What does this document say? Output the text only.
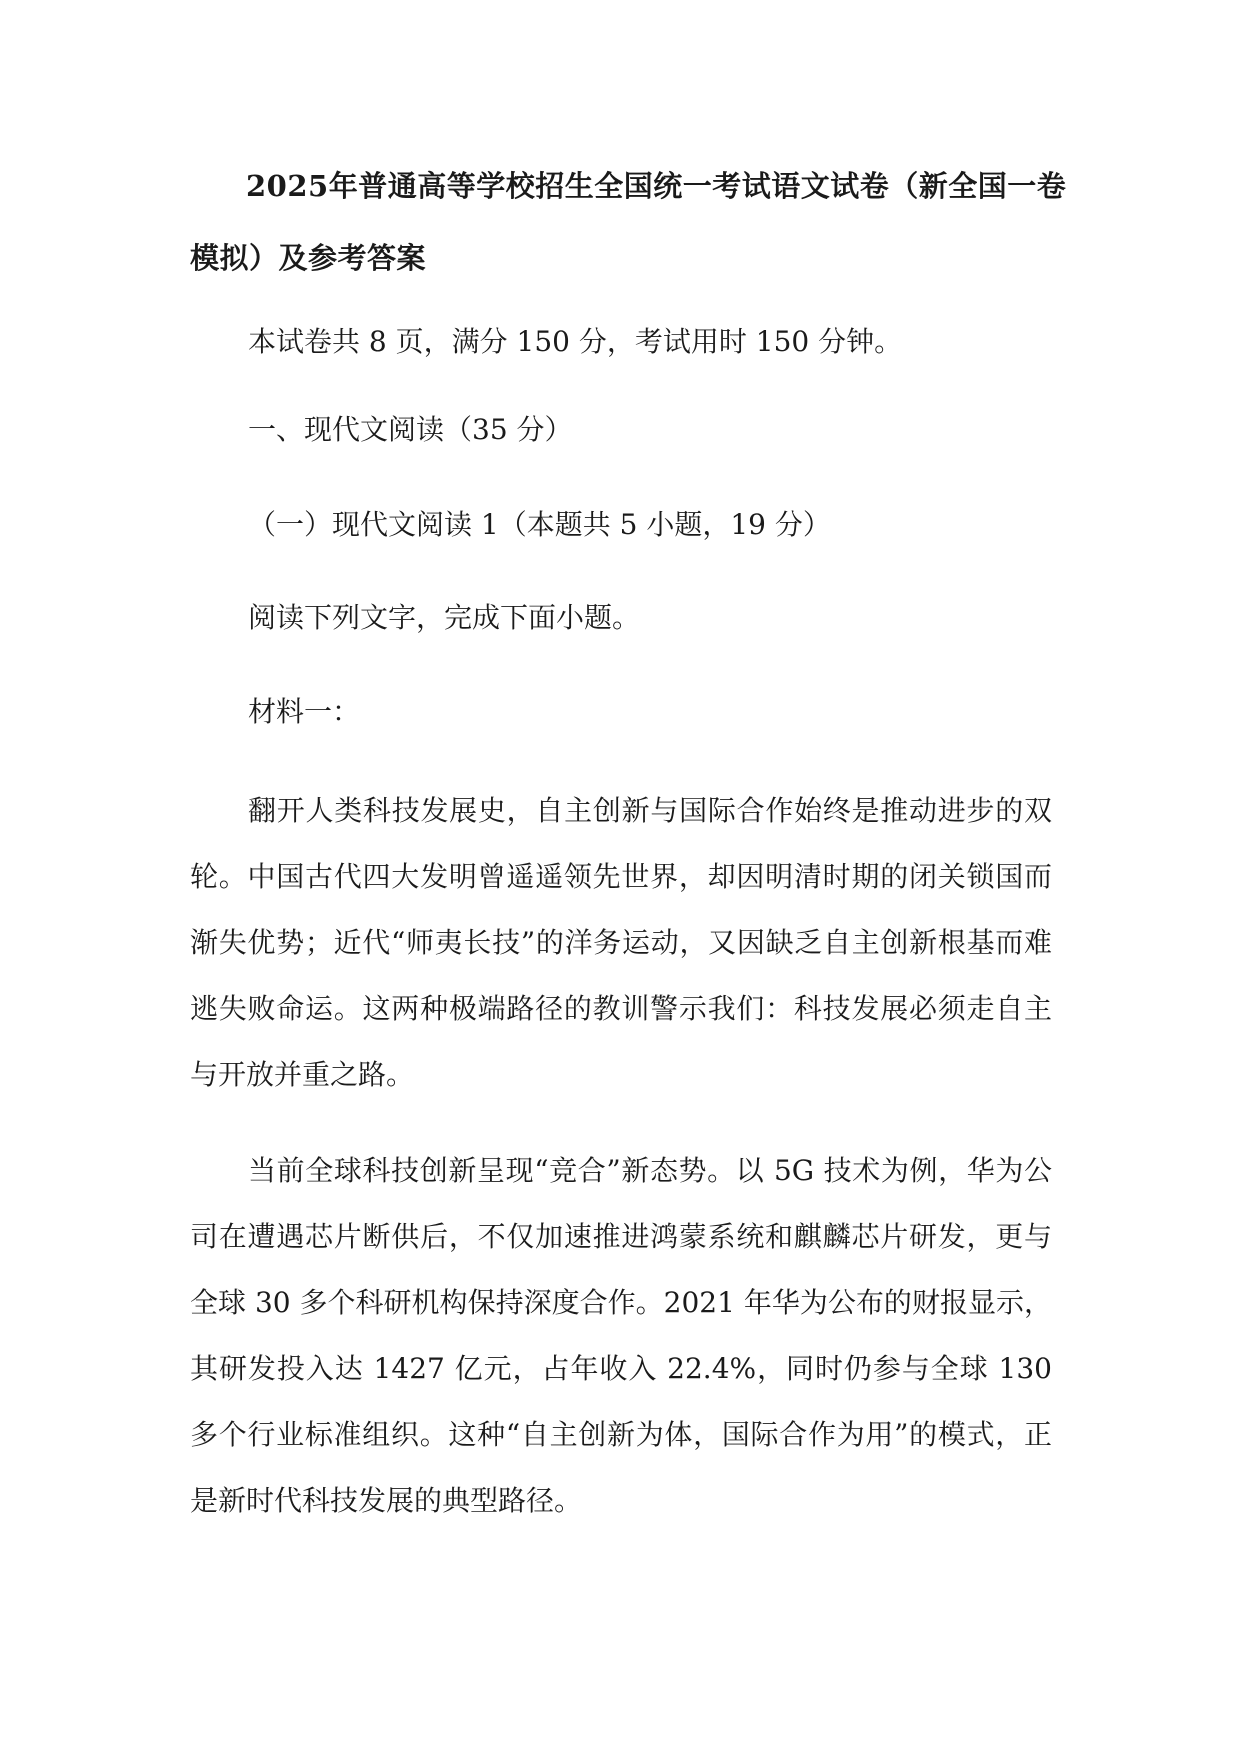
2025年普通高等学校招生全国统一考试语文试卷（新全国一卷模拟）及参考答案

本试卷共 8 页，满分 150 分，考试用时 150 分钟。

一、现代文阅读（35 分）

（一）现代文阅读 1（本题共 5 小题，19 分）

阅读下列文字，完成下面小题。

材料一：

翻开人类科技发展史，自主创新与国际合作始终是推动进步的双轮。中国古代四大发明曾遥遥领先世界，却因明清时期的闭关锁国而渐失优势；近代“师夷长技”的洋务运动，又因缺乏自主创新根基而难逃失败命运。这两种极端路径的教训警示我们：科技发展必须走自主与开放并重之路。

当前全球科技创新呈现“竞合”新态势。以 5G 技术为例，华为公司在遭遇芯片断供后，不仅加速推进鸿蒙系统和麒麟芯片研发，更与全球 30 多个科研机构保持深度合作。2021 年华为公布的财报显示，其研发投入达 1427 亿元，占年收入 22.4%，同时仍参与全球 130 多个行业标准组织。这种“自主创新为体，国际合作为用”的模式，正是新时代科技发展的典型路径。
